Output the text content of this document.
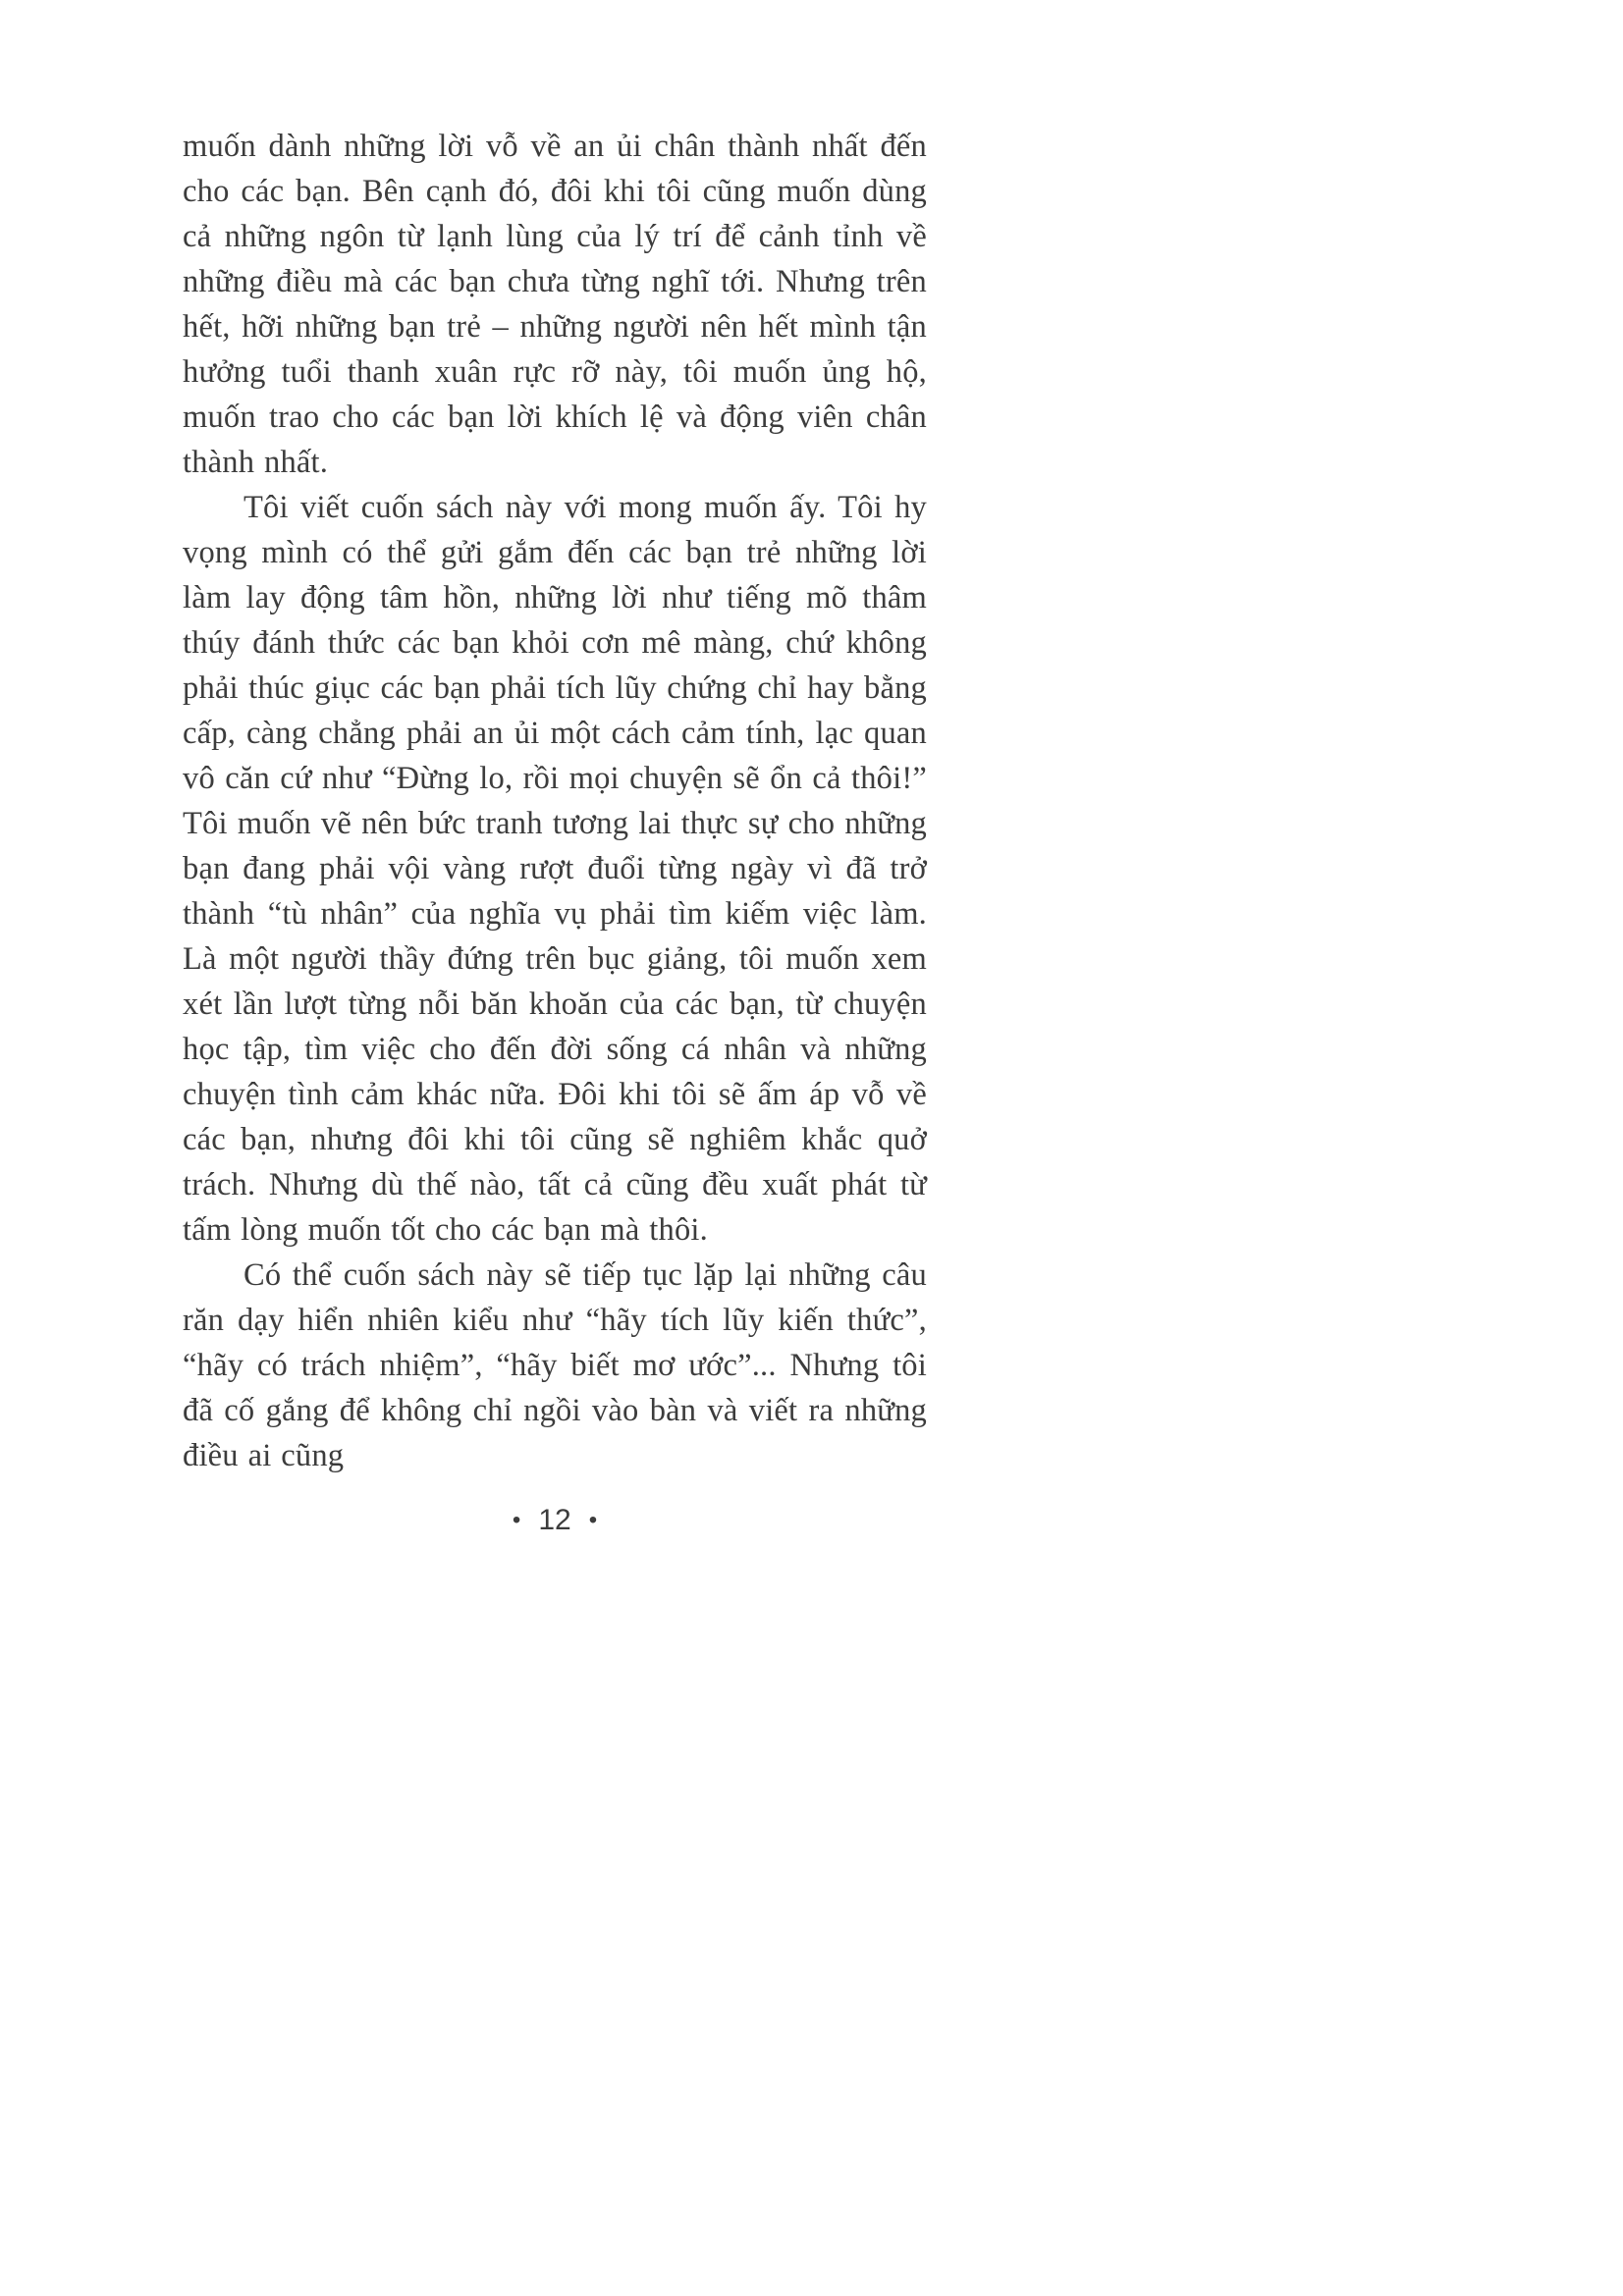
muốn dành những lời vỗ về an ủi chân thành nhất đến cho các bạn. Bên cạnh đó, đôi khi tôi cũng muốn dùng cả những ngôn từ lạnh lùng của lý trí để cảnh tỉnh về những điều mà các bạn chưa từng nghĩ tới. Nhưng trên hết, hỡi những bạn trẻ – những người nên hết mình tận hưởng tuổi thanh xuân rực rỡ này, tôi muốn ủng hộ, muốn trao cho các bạn lời khích lệ và động viên chân thành nhất.

Tôi viết cuốn sách này với mong muốn ấy. Tôi hy vọng mình có thể gửi gắm đến các bạn trẻ những lời làm lay động tâm hồn, những lời như tiếng mõ thâm thúy đánh thức các bạn khỏi cơn mê màng, chứ không phải thúc giục các bạn phải tích lũy chứng chỉ hay bằng cấp, càng chẳng phải an ủi một cách cảm tính, lạc quan vô căn cứ như “Đừng lo, rồi mọi chuyện sẽ ổn cả thôi!” Tôi muốn vẽ nên bức tranh tương lai thực sự cho những bạn đang phải vội vàng rượt đuổi từng ngày vì đã trở thành “tù nhân” của nghĩa vụ phải tìm kiếm việc làm. Là một người thầy đứng trên bục giảng, tôi muốn xem xét lần lượt từng nỗi băn khoăn của các bạn, từ chuyện học tập, tìm việc cho đến đời sống cá nhân và những chuyện tình cảm khác nữa. Đôi khi tôi sẽ ấm áp vỗ về các bạn, nhưng đôi khi tôi cũng sẽ nghiêm khắc quở trách. Nhưng dù thế nào, tất cả cũng đều xuất phát từ tấm lòng muốn tốt cho các bạn mà thôi.

Có thể cuốn sách này sẽ tiếp tục lặp lại những câu răn dạy hiển nhiên kiểu như “hãy tích lũy kiến thức”, “hãy có trách nhiệm”, “hãy biết mơ ước”... Nhưng tôi đã cố gắng để không chỉ ngồi vào bàn và viết ra những điều ai cũng

• 12 •
